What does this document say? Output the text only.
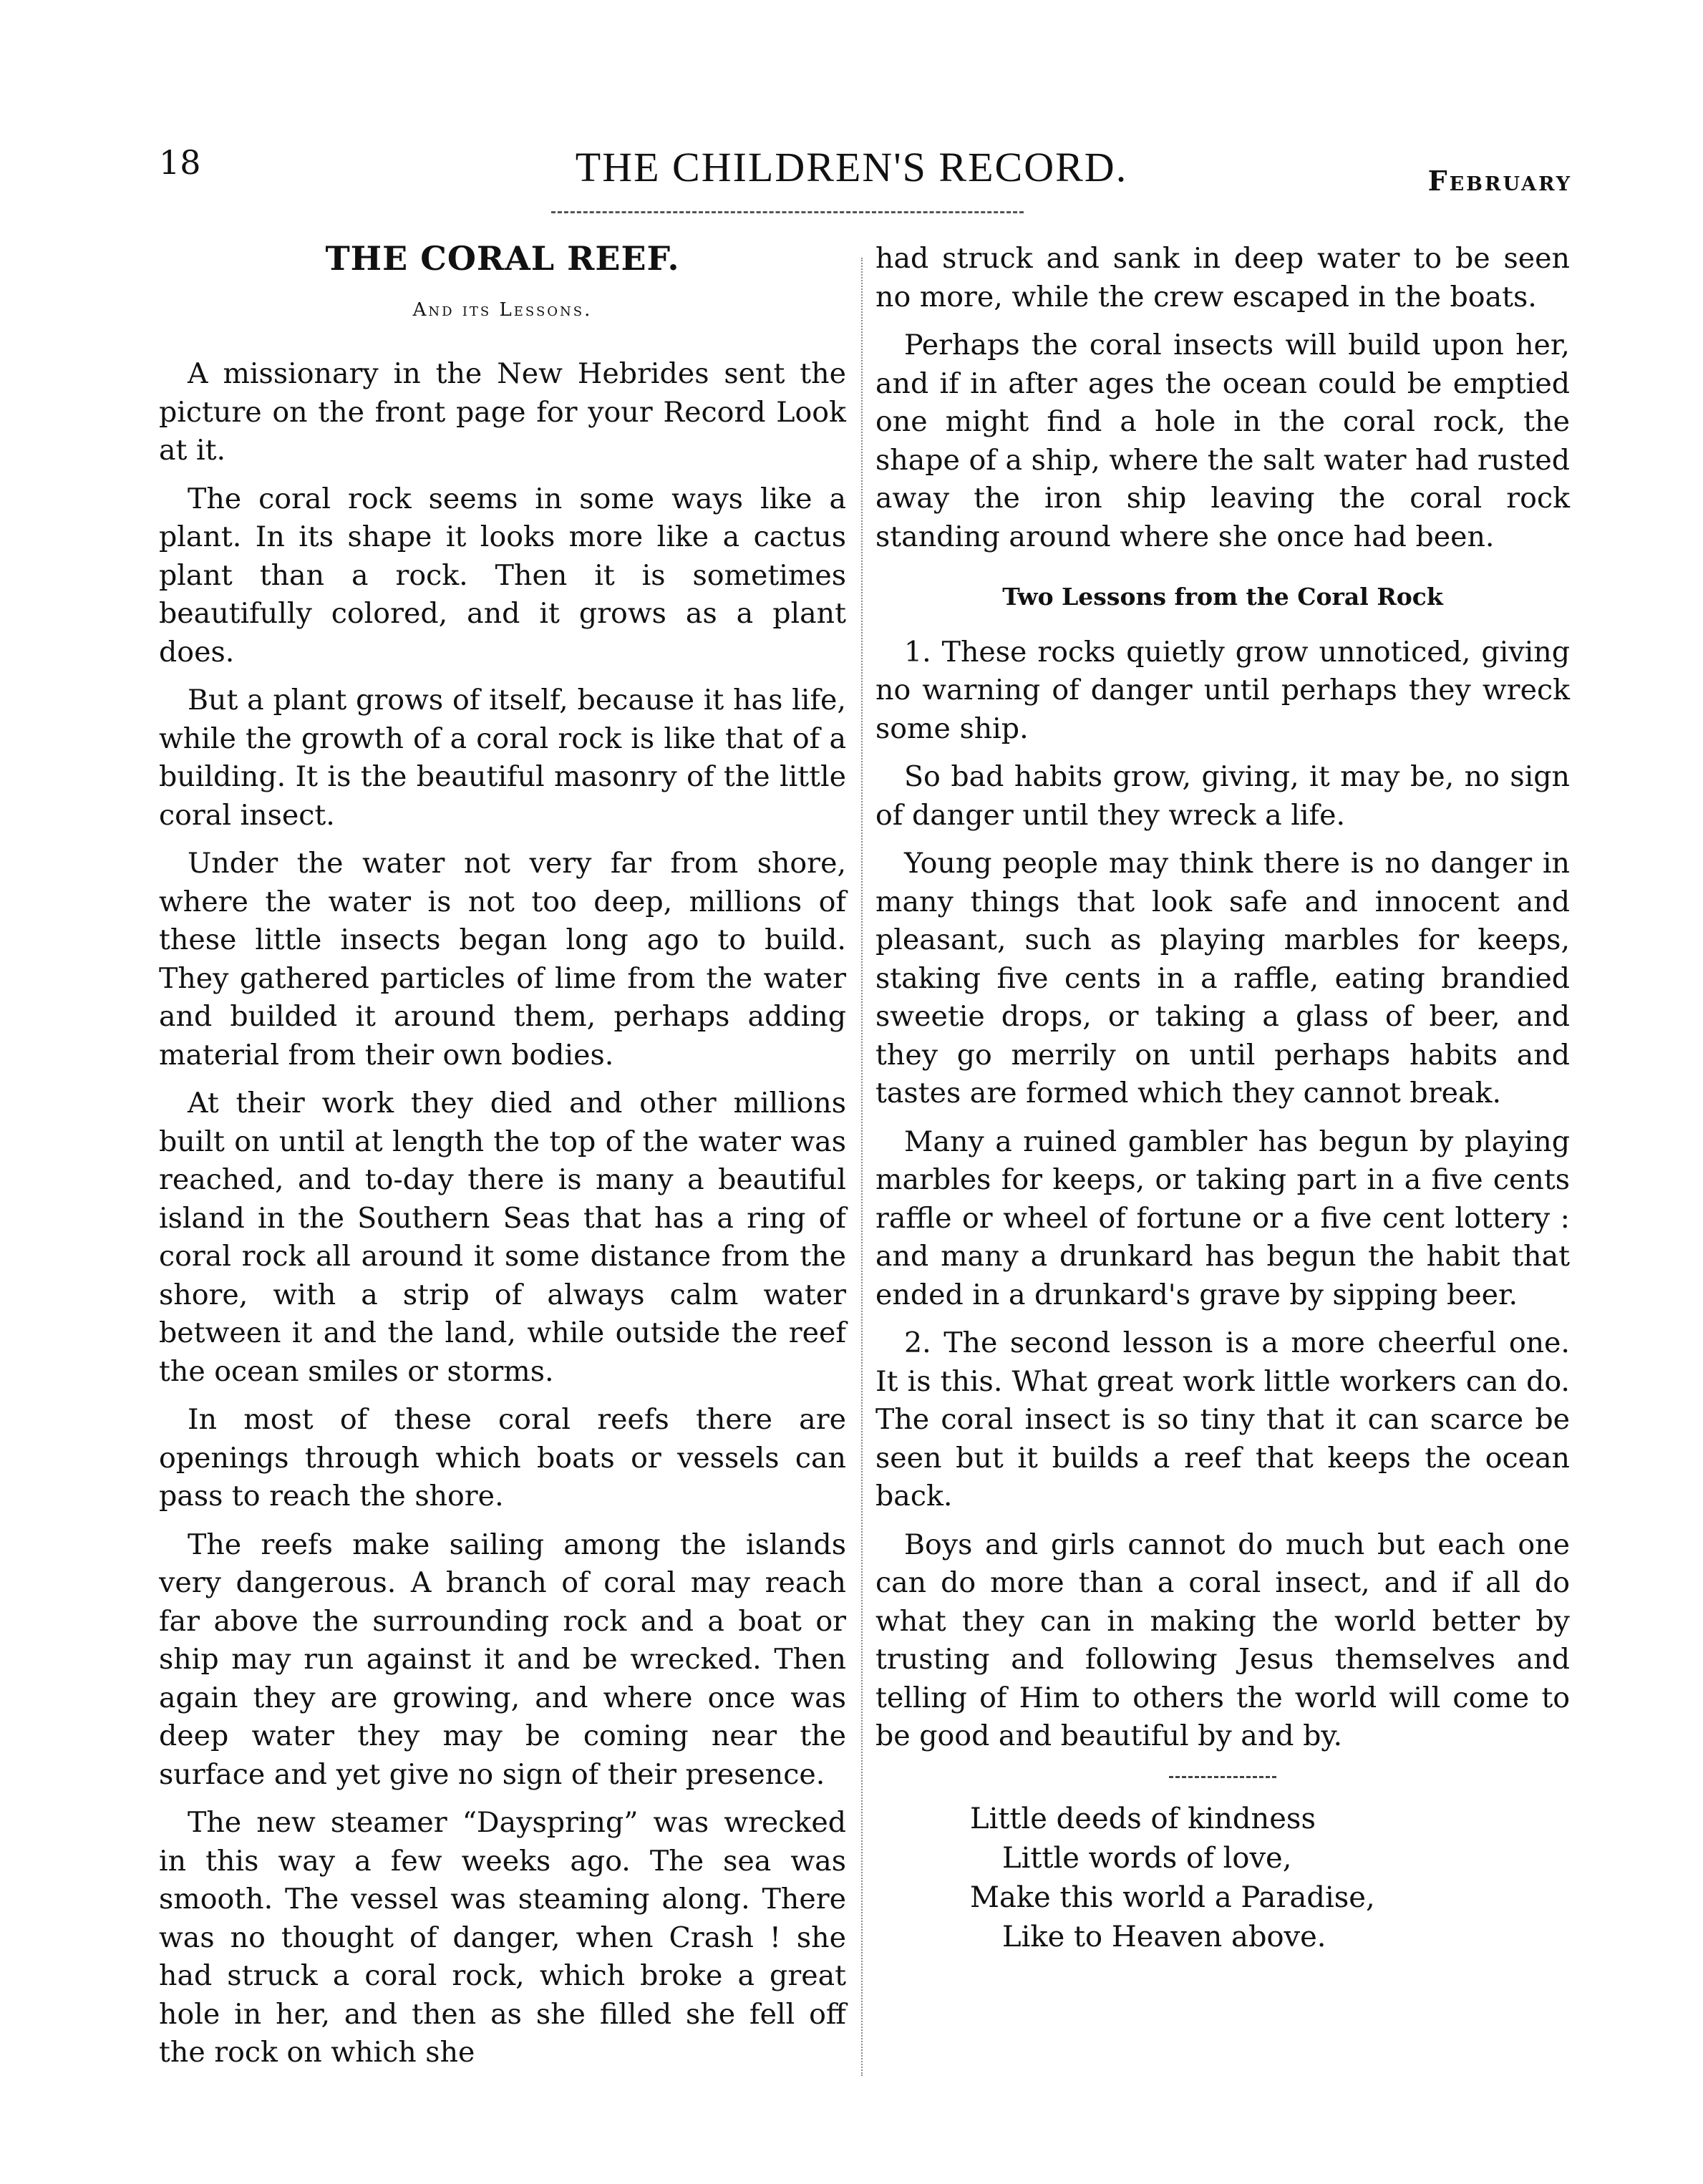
18	THE CHILDREN'S RECORD.	February
THE CORAL REEF.
And its Lessons.

A missionary in the New Hebrides sent the picture on the front page for your Record Look at it.

The coral rock seems in some ways like a plant. In its shape it looks more like a cactus plant than a rock. Then it is sometimes beautifully colored, and it grows as a plant does.

But a plant grows of itself, because it has life, while the growth of a coral rock is like that of a building. It is the beautiful masonry of the little coral insect.

Under the water not very far from shore, where the water is not too deep, millions of these little insects began long ago to build. They gathered particles of lime from the water and builded it around them, perhaps adding material from their own bodies.

At their work they died and other millions built on until at length the top of the water was reached, and to-day there is many a beautiful island in the Southern Seas that has a ring of coral rock all around it some distance from the shore, with a strip of always calm water between it and the land, while outside the reef the ocean smiles or storms.

In most of these coral reefs there are openings through which boats or vessels can pass to reach the shore.

The reefs make sailing among the islands very dangerous. A branch of coral may reach far above the surrounding rock and a boat or ship may run against it and be wrecked. Then again they are growing, and where once was deep water they may be coming near the surface and yet give no sign of their presence.

The new steamer “Dayspring” was wrecked in this way a few weeks ago. The sea was smooth. The vessel was steaming along. There was no thought of danger, when Crash ! she had struck a coral rock, which broke a great hole in her, and then as she filled she fell off the rock on which she

had struck and sank in deep water to be seen no more, while the crew escaped in the boats.

Perhaps the coral insects will build upon her, and if in after ages the ocean could be emptied one might find a hole in the coral rock, the shape of a ship, where the salt water had rusted away the iron ship leaving the coral rock standing around where she once had been.

Two Lessons from the Coral Rock

1. These rocks quietly grow unnoticed, giving no warning of danger until perhaps they wreck some ship.

So bad habits grow, giving, it may be, no sign of danger until they wreck a life.

Young people may think there is no danger in many things that look safe and innocent and pleasant, such as playing marbles for keeps, staking five cents in a raffle, eating brandied sweetie drops, or taking a glass of beer, and they go merrily on until perhaps habits and tastes are formed which they cannot break.

Many a ruined gambler has begun by playing marbles for keeps, or taking part in a five cents raffle or wheel of fortune or a five cent lottery : and many a drunkard has begun the habit that ended in a drunkard's grave by sipping beer.

2. The second lesson is a more cheerful one. It is this. What great work little workers can do. The coral insect is so tiny that it can scarce be seen but it builds a reef that keeps the ocean back.

Boys and girls cannot do much but each one can do more than a coral insect, and if all do what they can in making the world better by trusting and following Jesus themselves and telling of Him to others the world will come to be good and beautiful by and by.

Little deeds of kindness
Little words of love,
Make this world a Paradise,
Like to Heaven above.
